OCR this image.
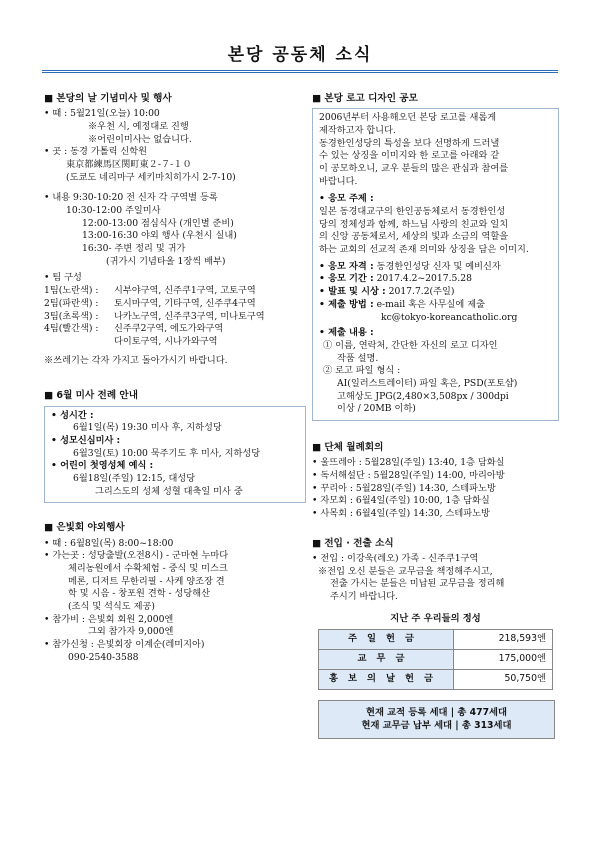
본당 공동체 소식
■ 본당의 날 기념미사 및 행사

• 때 : 5월21일(오늘) 10:00

※우천 시, 예정대로 진행

※어린이미사는 없습니다.

• 곳 : 동경 가톨릭 신학원

東京都練馬区関町東２-７-１０

(도쿄도 네리마구 세키마치히가시 2-7-10)

• 내용 9:30-10:20 전 신자 각 구역별 등록

10:30-12:00 주일미사

12:00-13:00 점심식사 (개인별 준비)

13:00-16:30 야외 행사 (우천시 실내)

16:30- 주변 정리 및 귀가

(귀가시 기념타올 1장씩 배부)

• 팀 구성

1팀(노란색) :	시부야구역, 신주쿠1구역, 고토구역
2팀(파란색) :	토시마구역, 기타구역, 신주쿠4구역
3팀(초록색) :	나카노구역, 신주쿠3구역, 미나토구역
4팀(빨간색) :	신주쿠2구역, 에도가와구역

다이토구역, 시나가와구역

※쓰레기는 각자 가지고 돌아가시기 바랍니다.

■ 6월 미사 전례 안내

• 성시간 :

6월1일(목) 19:30 미사 후, 지하성당

• 성모신심미사 :

6월3일(토) 10:00 묵주기도 후 미사, 지하성당

• 어린이 첫영성체 예식 :

6월18일(주일) 12:15, 대성당

그리스도의 성체 성혈 대축일 미사 중

■ 은빛회 야외행사

• 때 : 6월8일(목) 8:00~18:00

• 가는곳 : 성당출발(오전8시) - 군마현 누마다

체리농원에서 수확체험 - 중식 및 미스크

메론, 디저트 무한리필 - 사케 양조장 견

학 및 시음 - 창포원 견학 - 성당해산

(조식 및 석식도 제공)

• 참가비 : 은빛회 회원 2,000엔

그외 참가자 9,000엔

• 참가신청 : 은빛회장 이계순(레미지아)

090-2540-3588

■ 본당 로고 디자인 공모

2006년부터 사용해오던 본당 로고를 새롭게

제작하고자 합니다.

동경한인성당의 특성을 보다 선명하게 드러낼

수 있는 상징을 이미지와 한 로고를 아래와 같

이 공모하오니, 교우 분들의 많은 관심과 참여를

바랍니다.

• 응모 주제 :

일본 동경대교구의 한인공동체로서 동경한인성

당의 정체성과 함께, 하느님 사랑의 친교와 일치

의 신앙 공동체로서, 세상의 빛과 소금의 역할을

하는 교회의 선교적 존재 의미와 상징을 담은 이미지.

• 응모 자격 : 동경한인성당 신자 및 예비신자

• 응모 기간 : 2017.4.2~2017.5.28

• 발표 및 시상 : 2017.7.2(주일)

• 제출 방법 : e-mail 혹은 사무실에 제출

kc@tokyo-koreancatholic.org

• 제출 내용 :

① 이름, 연락처, 간단한 자신의 로고 디자인

작품 설명.

② 로고 파일 형식 :

AI(일러스트레이터) 파일 혹은, PSD(포토샵)

고해상도 JPG(2,480×3,508px / 300dpi

이상 / 20MB 이하)

■ 단체 월례회의

• 울뜨레아 : 5월28일(주일) 13:40, 1층 담화실

• 독서해설단 : 5월28일(주일) 14:00, 마리아방

• 꾸리아 : 5월28일(주일) 14:30, 스테파노방

• 자모회 : 6월4일(주일) 10:00, 1층 담화실

• 사목회 : 6월4일(주일) 14:30, 스테파노방

■ 전입 · 전출 소식

• 전입 : 이강욱(레오) 가족 - 신주쿠1구역

※전입 오신 분들은 교무금을 책정해주시고,

전출 가시는 분들은 미납된 교무금을 정리해

주시기 바랍니다.

지난 주 우리들의 정성	
주일헌금	218,593엔
교무금	175,000엔
홍보의날헌금	50,750엔

현재 교적 등록 세대 | 총 477세대

현재 교무금 납부 세대 | 총 313세대
